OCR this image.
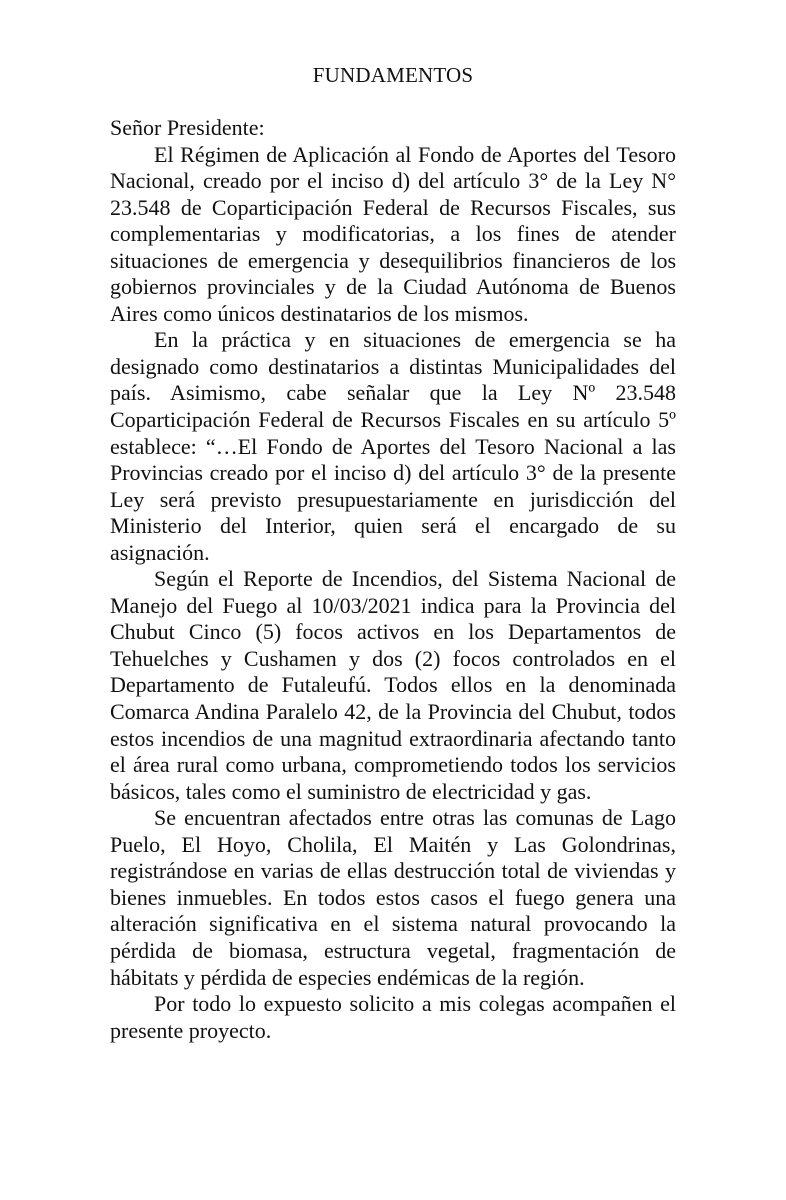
FUNDAMENTOS

Señor Presidente:

El Régimen de Aplicación al Fondo de Aportes del Tesoro Nacional, creado por el inciso d) del artículo 3° de la Ley N° 23.548 de Coparticipación Federal de Recursos Fiscales, sus complementarias y modificatorias, a los fines de atender situaciones de emergencia y desequilibrios financieros de los gobiernos provinciales y de la Ciudad Autónoma de Buenos Aires como únicos destinatarios de los mismos.

En la práctica y en situaciones de emergencia se ha designado como destinatarios a distintas Municipalidades del país. Asimismo, cabe señalar que la Ley Nº 23.548 Coparticipación Federal de Recursos Fiscales en su artículo 5º establece: “…El Fondo de Aportes del Tesoro Nacional a las Provincias creado por el inciso d) del artículo 3° de la presente Ley será previsto presupuestariamente en jurisdicción del Ministerio del Interior, quien será el encargado de su asignación.

Según el Reporte de Incendios, del Sistema Nacional de Manejo del Fuego al 10/03/2021 indica para la Provincia del Chubut Cinco (5) focos activos en los Departamentos de Tehuelches y Cushamen y dos (2) focos controlados en el Departamento de Futaleufú. Todos ellos en la denominada Comarca Andina Paralelo 42, de la Provincia del Chubut, todos estos incendios de una magnitud extraordinaria afectando tanto el área rural como urbana, comprometiendo todos los servicios básicos, tales como el suministro de electricidad y gas.

Se encuentran afectados entre otras las comunas de Lago Puelo, El Hoyo, Cholila, El Maitén y Las Golondrinas, registrándose en varias de ellas destrucción total de viviendas y bienes inmuebles. En todos estos casos el fuego genera una alteración significativa en el sistema natural provocando la pérdida de biomasa, estructura vegetal, fragmentación de hábitats y pérdida de especies endémicas de la región.

Por todo lo expuesto solicito a mis colegas acompañen el presente proyecto.
